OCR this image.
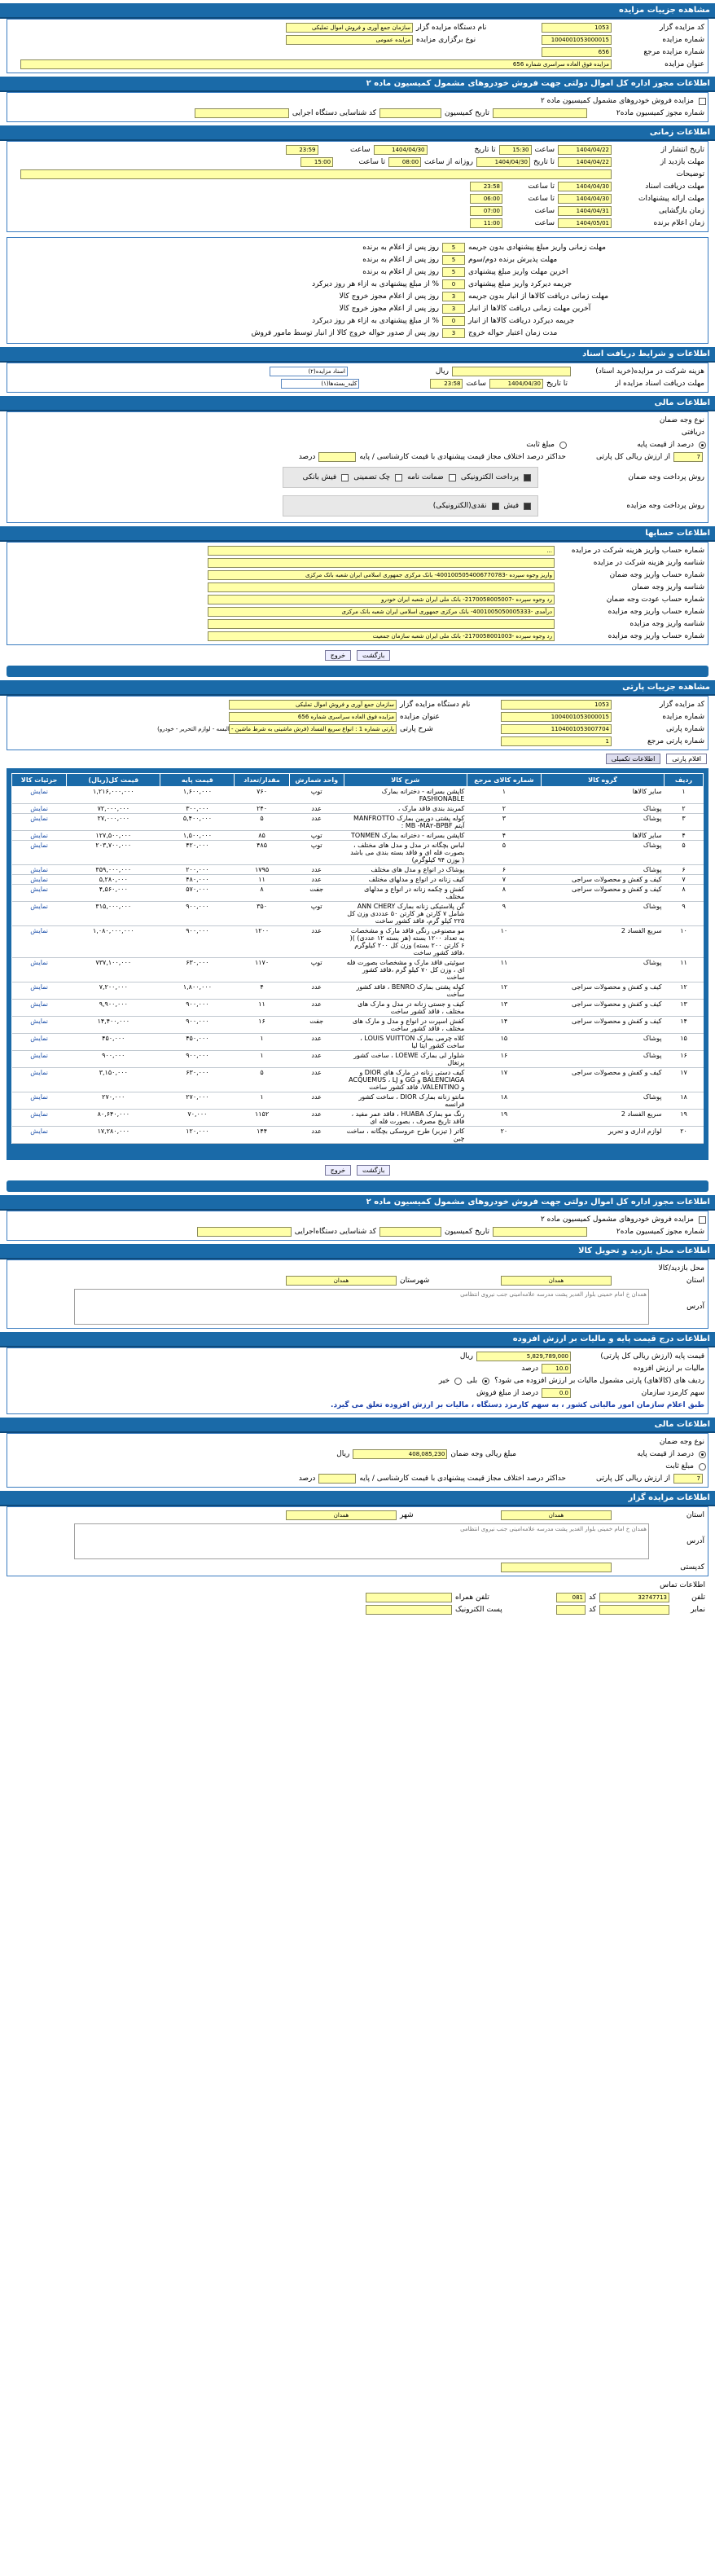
مشاهده جزییات مزایده
کد مزایده گزار
1053
نام دستگاه مزایده گزار
سازمان جمع آوری و فروش اموال تملیکی
شماره مزایده
1004001053000015
نوع برگزاری مزایده
مزایده عمومی
شماره مزایده مرجع
656
عنوان مزایده
مزایده فوق العاده سراسری شماره 656
اطلاعات مجوز اداره کل اموال دولتی جهت فروش خودروهای مشمول کمیسیون ماده ۲
مزایده فروش خودروهای مشمول کمیسیون ماده ۲
شماره مجوز کمیسیون ماده۲
تاریخ کمیسیون
کد شناسایی دستگاه اجرایی
اطلاعات زمانی
تاریخ انتشار از
1404/04/22
ساعت
15:30
تا تاریخ
1404/04/30
ساعت
23:59
مهلت بازدید از
1404/04/22
تا تاریخ
1404/04/30
روزانه از ساعت
08:00
تا ساعت
15:00
توضیحات
مهلت دریافت اسناد
1404/04/30
تا ساعت
23:58
مهلت ارائه پیشنهادات
1404/04/30
تا ساعت
06:00
زمان بازگشایی
1404/04/31
ساعت
07:00
زمان اعلام برنده
1404/05/01
ساعت
11:00
مهلت زمانی واریز مبلغ پیشنهادی بدون جریمه
5
روز پس از اعلام به برنده
مهلت پذیرش برنده دوم/سوم
5
روز پس از اعلام به برنده
اخرین مهلت واریز مبلغ پیشنهادی
5
روز پس از اعلام به برنده
جریمه دیرکرد واریز مبلغ پیشنهادی
0
% از مبلغ پیشنهادی به ازاء هر روز دیرکرد
مهلت زمانی دریافت کالاها از انبار بدون جریمه
3
روز پس از اعلام مجوز خروج کالا
آخرین مهلت زمانی دریافت کالاها از انبار
3
روز پس از اعلام مجوز خروج کالا
جریمه دیرکرد دریافت کالاها از انبار
0
% از مبلغ پیشنهادی به ازاء هر روز دیرکرد
مدت زمان اعتبار حواله خروج
3
روز پس از صدور حواله خروج کالا از انبار توسط مامور فروش
اطلاعات و شرایط دریافت اسناد
هزینه شرکت در مزایده(خرید اسناد)
ریال
اسناد مزایده(۲)
مهلت دریافت اسناد مزایده از
تا تاریخ
1404/04/30
ساعت
23:58
کلید_بسته‌ها(۱)
اطلاعات مالی
نوع وجه ضمان
دریافتی
درصد از قیمت پایه
مبلغ ثابت
7
از ارزش ریالی کل پارتی
حداکثر درصد اختلاف مجاز قیمت پیشنهادی با قیمت کارشناسی / پایه
درصد
روش پرداخت وجه ضمان
پرداخت الکترونیکی
ضمانت نامه
چک تضمینی
فیش بانکی
روش پرداخت وجه مزایده
فیش
نقدی(الکترونیکی)
اطلاعات حسابها
شماره حساب واریز هزینه شرکت در مزایده
...
شناسه واریز هزینه شرکت در مزایده
شماره حساب واریز وجه ضمان
واریز وجوه سپرده -4001005054006770783- بانک مرکزی جمهوری اسلامی ایران شعبه بانک مرکزی
شناسه واریز وجه ضمان
شماره حساب عودت وجه ضمان
رد وجوه سپرده -2170058005007- بانک ملی ایران شعبه ایران خودرو
شماره حساب واریز وجه مزایده
درآمدی -4001005050005333- بانک مرکزی جمهوری اسلامی ایران شعبه بانک مرکزی
شناسه واریز وجه مزایده
شماره حساب واریز وجه مزایده
رد وجوه سپرده -2170058001003- بانک ملی ایران شعبه سازمان جمعیت
بازگشت خروج
مشاهده جزییات پارتی
کد مزایده گزار
1053
نام دستگاه مزایده گزار
سازمان جمع آوری و فروش اموال تملیکی
شماره مزایده
1004001053000015
عنوان مزایده
مزایده فوق العاده سراسری شماره 656
شماره پارتی
1104001053007704
شرح پارتی
پارتی شماره 1 : انواع سریع الفساد (فرش ماشینی به شرط ماشین - البسه - لوازم التحریر - خودرو)
شماره پارتی مرجع
1
اقلام پارتی اطلاعات تکمیلی
ردیف	گروه کالا	شماره کالای مرجع	شرح کالا	واحد شمارش	مقدار/تعداد	قیمت پایه	قیمت کل(ریال)	جزئیات کالا
۱	سایر کالاها	۱	کاپشن بسرانه - دخترانه بمارک FASHIONABLE	توپ	۷۶۰	۱,۶۰۰,۰۰۰	۱,۲۱۶,۰۰۰,۰۰۰	نمایش
۲	پوشاک	۲	کمربند بندی فاقد مارک ،	عدد	۲۴۰	۳۰۰,۰۰۰	۷۲,۰۰۰,۰۰۰	نمایش
۳	پوشاک	۳	کوله پشتی دوربین بمارک MANFROTTO آیتم MB -MA۲-BPBF :	عدد	۵	۵,۴۰۰,۰۰۰	۲۷,۰۰۰,۰۰۰	نمایش
۴	سایر کالاها	۴	کاپشن بسرانه - دخترانه بمارک TONMEN	توپ	۸۵	۱,۵۰۰,۰۰۰	۱۲۷,۵۰۰,۰۰۰	نمایش
۵	پوشاک	۵	لباس بچگانه در مدل و مدل های مختلف ، بصورت فله ای و فاقد بسته بندی می باشد ( بوزن ۹۴ کیلوگرم)	توپ	۴۸۵	۴۲۰,۰۰۰	۲۰۳,۷۰۰,۰۰۰	نمایش
۶	پوشاک	۶	پوشاک در انواع و مدل های مختلف	عدد	۱۷۹۵	۲۰۰,۰۰۰	۳۵۹,۰۰۰,۰۰۰	نمایش
۷	کیف و کفش و محصولات سراجی	۷	کیف زنانه در انواع و مدلهای مختلف	عدد	۱۱	۴۸۰,۰۰۰	۵,۲۸۰,۰۰۰	نمایش
۸	کیف و کفش و محصولات سراجی	۸	کفش و چکمه زنانه در انواع و مدلهای مختلف	جفت	۸	۵۷۰,۰۰۰	۴,۵۶۰,۰۰۰	نمایش
۹	پوشاک	۹	گن پلاستیکی زنانه بمارک ANN CHERY شامل ۷ کارتن هر کارتن ۵۰ عدددی وزن کل ۲۲۵ کیلو گرم، فاقد کشور ساخت	توپ	۳۵۰	۹۰۰,۰۰۰	۳۱۵,۰۰۰,۰۰۰	نمایش
۱۰	سریع الفساد 2	۱۰	مو مصنوعی رنگی فاقد مارک و مشخصات به تعداد ۱۲۰۰ بسته (هر بسته ۱۲ عددی) )( ۶ کارتن ۲۰۰ بسته) وزن کل ۲۰۰ کیلوگرم ،فاقد کشور ساخت	عدد	۱۲۰۰	۹۰۰,۰۰۰	۱,۰۸۰,۰۰۰,۰۰۰	نمایش
۱۱	پوشاک	۱۱	سوئیتی فاقد مارک و مشخصات بصورت فله ای ، وزن کل ۷۰ کیلو گرم ،فاقد کشور ساخت	توپ	۱۱۷۰	۶۳۰,۰۰۰	۷۳۷,۱۰۰,۰۰۰	نمایش
۱۲	کیف و کفش و محصولات سراجی	۱۲	کوله پشتی بمارک BENRO ، فاقد کشور ساخت	عدد	۴	۱,۸۰۰,۰۰۰	۷,۲۰۰,۰۰۰	نمایش
۱۳	کیف و کفش و محصولات سراجی	۱۳	کیف و جستی زنانه در مدل و مارک های مختلف ، فاقد کشور ساخت	عدد	۱۱	۹۰۰,۰۰۰	۹,۹۰۰,۰۰۰	نمایش
۱۴	کیف و کفش و محصولات سراجی	۱۴	کفش اسپرت در انواع و مدل و مارک های مختلف ، فاقد کشور ساخت	جفت	۱۶	۹۰۰,۰۰۰	۱۴,۴۰۰,۰۰۰	نمایش
۱۵	پوشاک	۱۵	کلاه چرمی بمارک LOUIS VUITTON ، ساخت کشور ایتا لیا	عدد	۱	۴۵۰,۰۰۰	۴۵۰,۰۰۰	نمایش
۱۶	پوشاک	۱۶	شلوار لی بمارک LOEWE ، ساخت کشور پرتغال	عدد	۱	۹۰۰,۰۰۰	۹۰۰,۰۰۰	نمایش
۱۷	کیف و کفش و محصولات سراجی	۱۷	کیف دستی زنانه در مارک های DIOR و BALENCIAGA و GG و ACQUEMUS ، LJ و VALENTINO، فاقد کشور ساخت	عدد	۵	۶۳۰,۰۰۰	۳,۱۵۰,۰۰۰	نمایش
۱۸	پوشاک	۱۸	مانتو زنانه بمارک DIOR ، ساخت کشور فرانسه	عدد	۱	۲۷۰,۰۰۰	۲۷۰,۰۰۰	نمایش
۱۹	سریع الفساد 2	۱۹	رنگ مو بمارک HUABA ، فاقد عمر مفید ، فاقد تاریخ مصرف ، بصورت فله ای	عدد	۱۱۵۲	۷۰,۰۰۰	۸۰,۶۴۰,۰۰۰	نمایش
۲۰	لوازم اداری و تحریر	۲۰	کاتر ( تیزبر) طرح عروسکی بچگانه ، ساخت چین	عدد	۱۴۴	۱۲۰,۰۰۰	۱۷,۲۸۰,۰۰۰	نمایش
بازگشت خروج
اطلاعات مجوز اداره کل اموال دولتی جهت فروش خودروهای مشمول کمیسیون ماده ۲
مزایده فروش خودروهای مشمول کمیسیون ماده ۲
شماره مجوز کمیسیون ماده۲
تاریخ کمیسیون
کد شناسایی دستگاه‌اجرایی
اطلاعات محل بازدید و تحویل کالا
محل بازدید/کالا
استان
همدان
شهرستان
همدان
آدرس
همدان خ امام خمینی بلوار الغدیر پشت مدرسه علامه‌امینی جنب نیروی انتظامی
اطلاعات درج قیمت پایه و مالیات بر ارزش افزوده
قیمت پایه (ارزش ریالی کل پارتی)
5,829,789,000
ریال
مالیات بر ارزش افزوده
10.0
درصد
ردیف های (کالاهای) پارتی مشمول مالیات بر ارزش افزوده می شود؟
بلی
خیر
سهم کارمزد سازمان
0.0
درصد از مبلغ فروش
طبق اعلام سازمان امور مالیاتی کشور ، به سهم کارمزد دستگاه ، مالیات بر ارزش افزوده تعلق می گیرد.
اطلاعات مالی
نوع وجه ضمان
درصد از قیمت پایه
مبلغ ریالی وجه ضمان
408,085,230
ریال
مبلغ ثابت
7
از ارزش ریالی کل پارتی
حداکثر درصد اختلاف مجاز قیمت پیشنهادی با قیمت کارشناسی / پایه
درصد
اطلاعات مزایده گزار
استان
همدان
شهر
همدان
آدرس
همدان خ امام خمینی بلوار الغدیر پشت مدرسه علامه‌امینی جنب نیروی انتظامی
کدپستی
اطلاعات تماس
تلفن
32747713
کد
081
تلفن همراه
نمابر
کد
پست الکترونیک
